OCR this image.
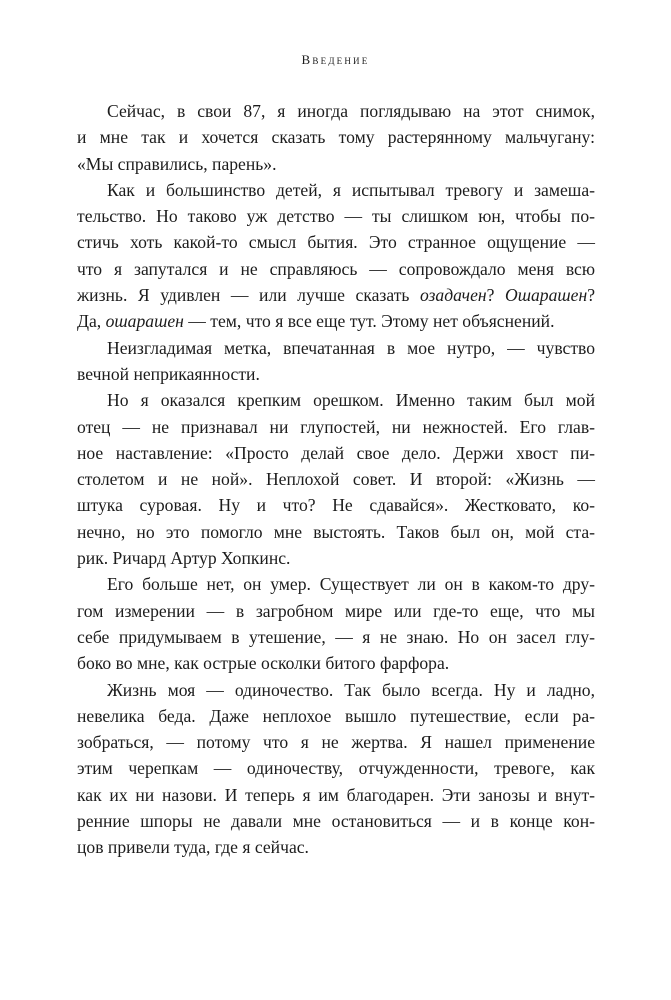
Введение
Сейчас, в свои 87, я иногда поглядываю на этот снимок,
и мне так и хочется сказать тому растерянному мальчугану:
«Мы справились, парень».
Как и большинство детей, я испытывал тревогу и замеша-
тельство. Но таково уж детство — ты слишком юн, чтобы по-
стичь хоть какой-то смысл бытия. Это странное ощущение —
что я запутался и не справляюсь — сопровождало меня всю
жизнь. Я удивлен — или лучше сказать озадачен? Ошарашен?
Да, ошарашен — тем, что я все еще тут. Этому нет объяснений.
Неизгладимая метка, впечатанная в мое нутро, — чувство
вечной неприкаянности.
Но я оказался крепким орешком. Именно таким был мой
отец — не признавал ни глупостей, ни нежностей. Его глав-
ное наставление: «Просто делай свое дело. Держи хвост пи-
столетом и не ной». Неплохой совет. И второй: «Жизнь —
штука суровая. Ну и что? Не сдавайся». Жестковато, ко-
нечно, но это помогло мне выстоять. Таков был он, мой ста-
рик. Ричард Артур Хопкинс.
Его больше нет, он умер. Существует ли он в каком-то дру-
гом измерении — в загробном мире или где-то еще, что мы
себе придумываем в утешение, — я не знаю. Но он засел глу-
боко во мне, как острые осколки битого фарфора.
Жизнь моя — одиночество. Так было всегда. Ну и ладно,
невелика беда. Даже неплохое вышло путешествие, если ра-
зобраться, — потому что я не жертва. Я нашел применение
этим черепкам — одиночеству, отчужденности, тревоге, как
как их ни назови. И теперь я им благодарен. Эти занозы и внут-
ренние шпоры не давали мне остановиться — и в конце кон-
цов привели туда, где я сейчас.
